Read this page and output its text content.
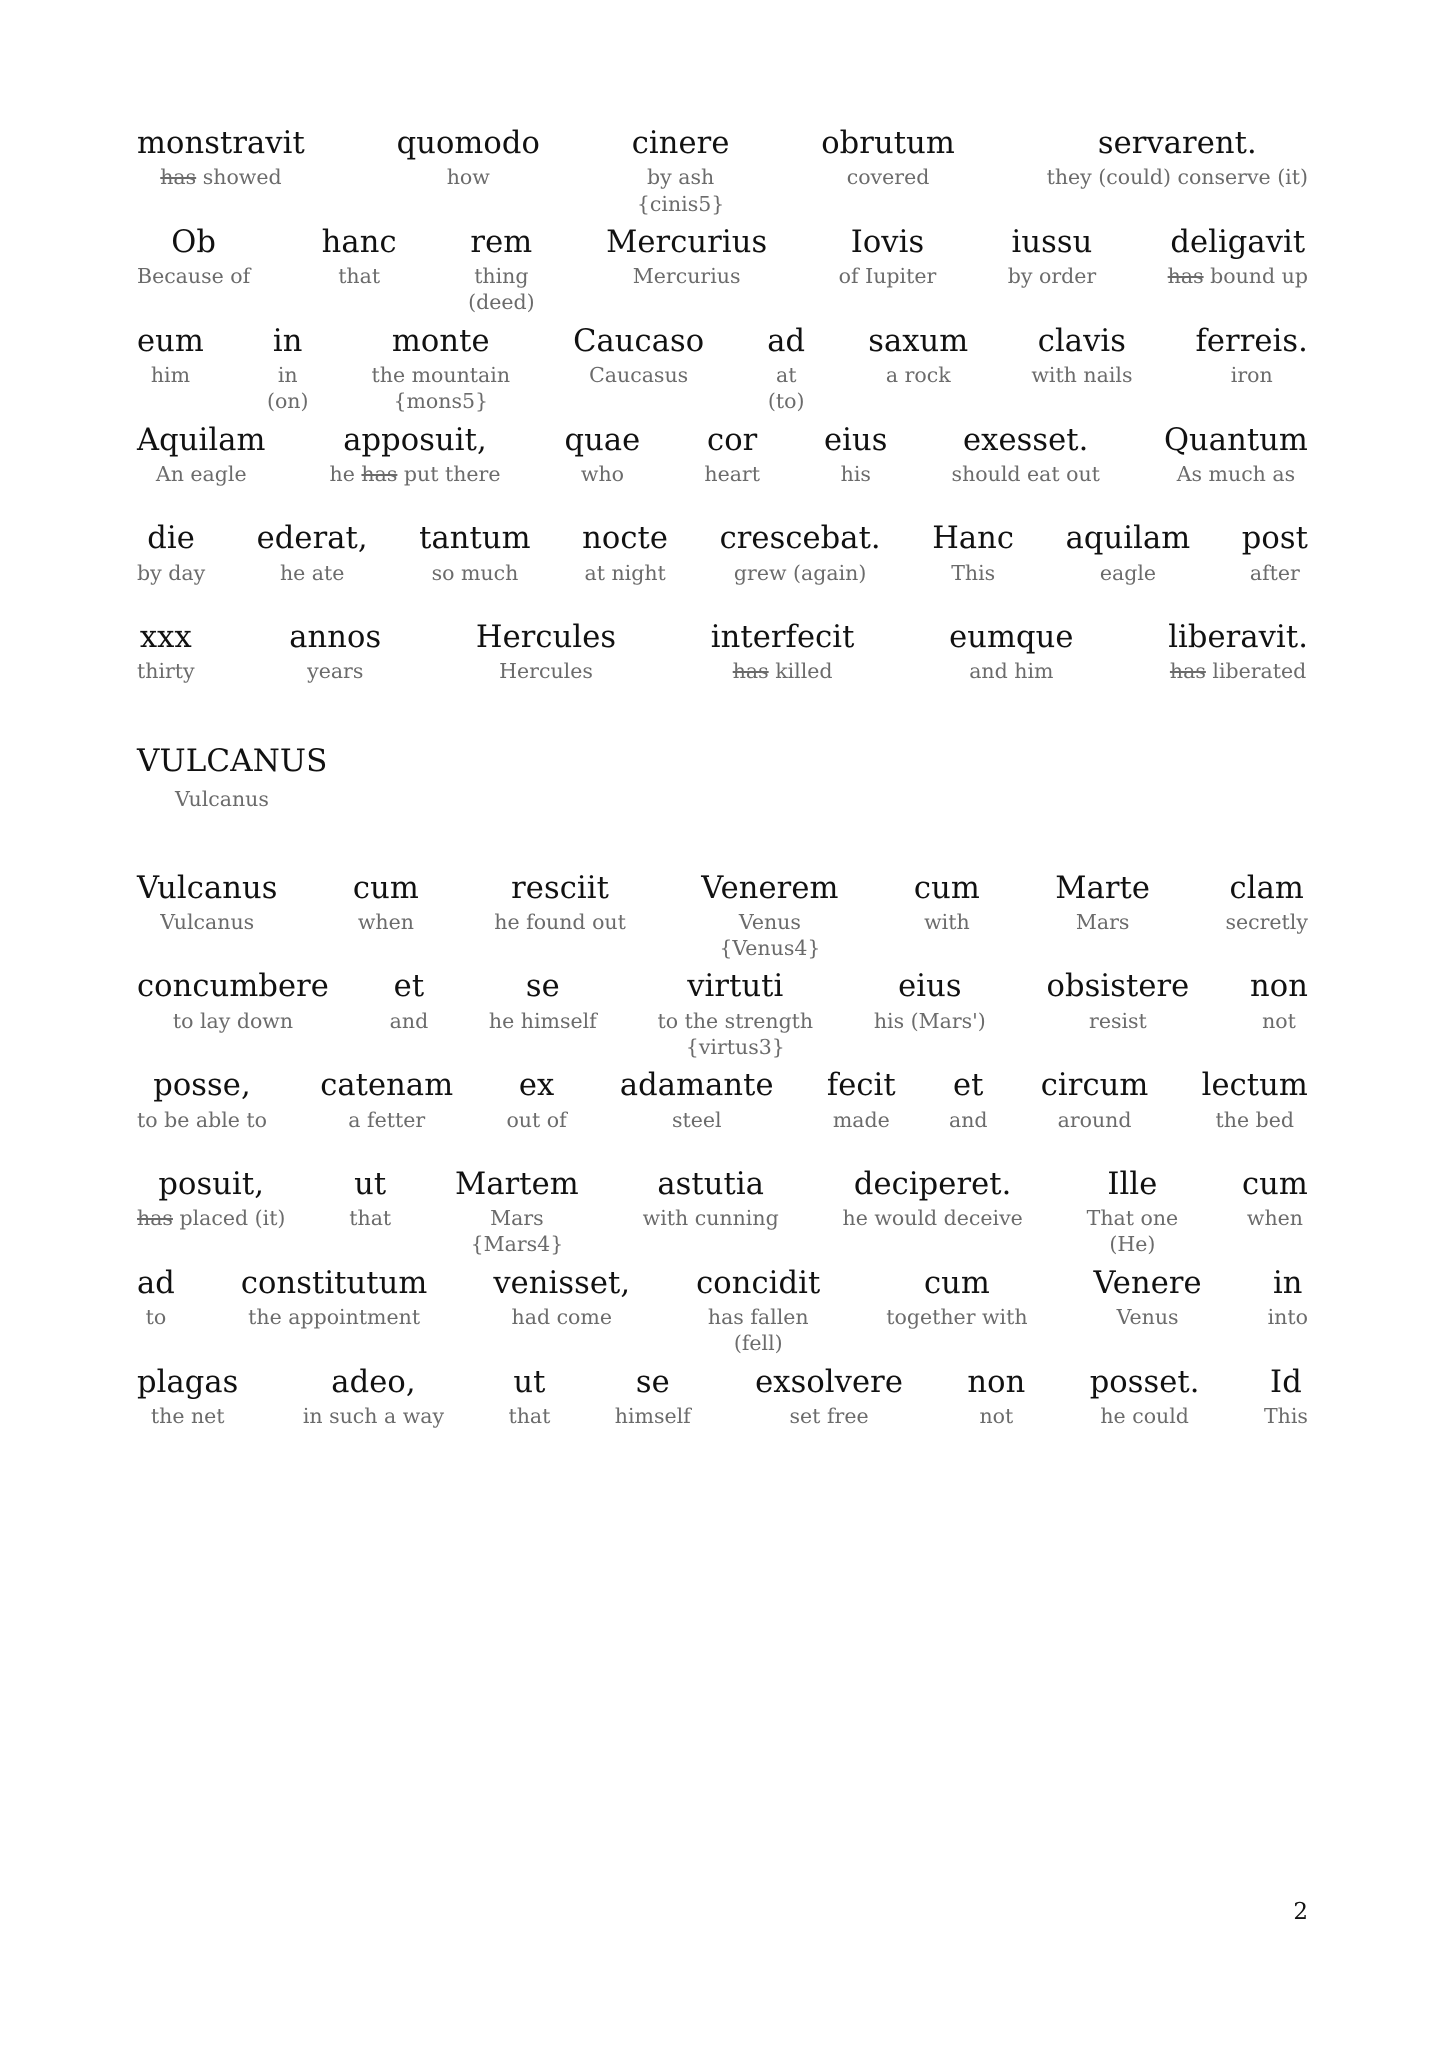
monstravit
has showed
quomodo
how
cinere
by ash
{cinis5}
obrutum
covered
servarent.
they (could) conserve (it)
Ob
Because of
hanc
that
rem
thing
(deed)
Mercurius
Mercurius
Iovis
of Iupiter
iussu
by order
deligavit
has bound up
eum
him
in
in
(on)
monte
the mountain
{mons5}
Caucaso
Caucasus
ad
at
(to)
saxum
a rock
clavis
with nails
ferreis.
iron
Aquilam
An eagle
apposuit,
he has put there
quae
who
cor
heart
eius
his
exesset.
should eat out
Quantum
As much as
die
by day
ederat,
he ate
tantum
so much
nocte
at night
crescebat.
grew (again)
Hanc
This
aquilam
eagle
post
after
xxx
thirty
annos
years
Hercules
Hercules
interfecit
has killed
eumque
and him
liberavit.
has liberated
VULCANUS
Vulcanus
Vulcanus
Vulcanus
cum
when
resciit
he found out
Venerem
Venus
{Venus4}
cum
with
Marte
Mars
clam
secretly
concumbere
to lay down
et
and
se
he himself
virtuti
to the strength
{virtus3}
eius
his (Mars')
obsistere
resist
non
not
posse,
to be able to
catenam
a fetter
ex
out of
adamante
steel
fecit
made
et
and
circum
around
lectum
the bed
posuit,
has placed (it)
ut
that
Martem
Mars
{Mars4}
astutia
with cunning
deciperet.
he would deceive
Ille
That one
(He)
cum
when
ad
to
constitutum
the appointment
venisset,
had come
concidit
has fallen
(fell)
cum
together with
Venere
Venus
in
into
plagas
the net
adeo,
in such a way
ut
that
se
himself
exsolvere
set free
non
not
posset.
he could
Id
This
2
